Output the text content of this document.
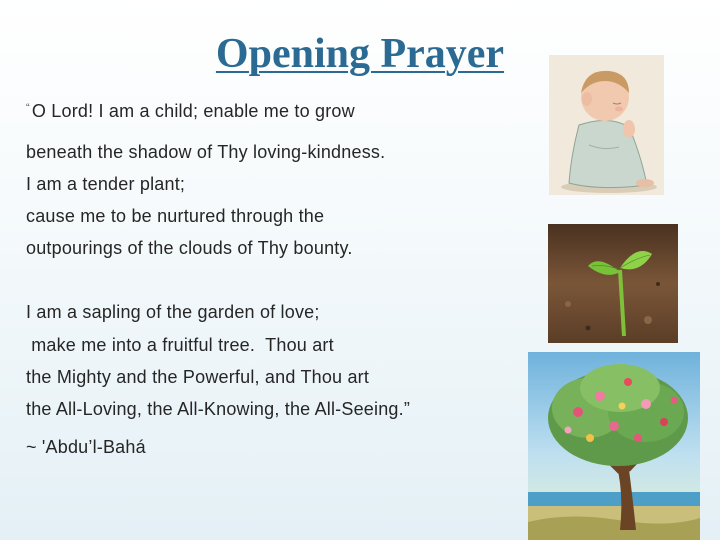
Opening Prayer
“ O Lord! I am a child; enable me to grow
beneath the shadow of Thy loving-kindness.
I am a tender plant;
cause me to be nurtured through the
outpourings of the clouds of Thy bounty.
I am a sapling of the garden of love;
make me into a fruitful tree.  Thou art
the Mighty and the Powerful, and Thou art
the All-Loving, the All-Knowing, the All-Seeing.”
~ 'Abdu’l-Bahá
